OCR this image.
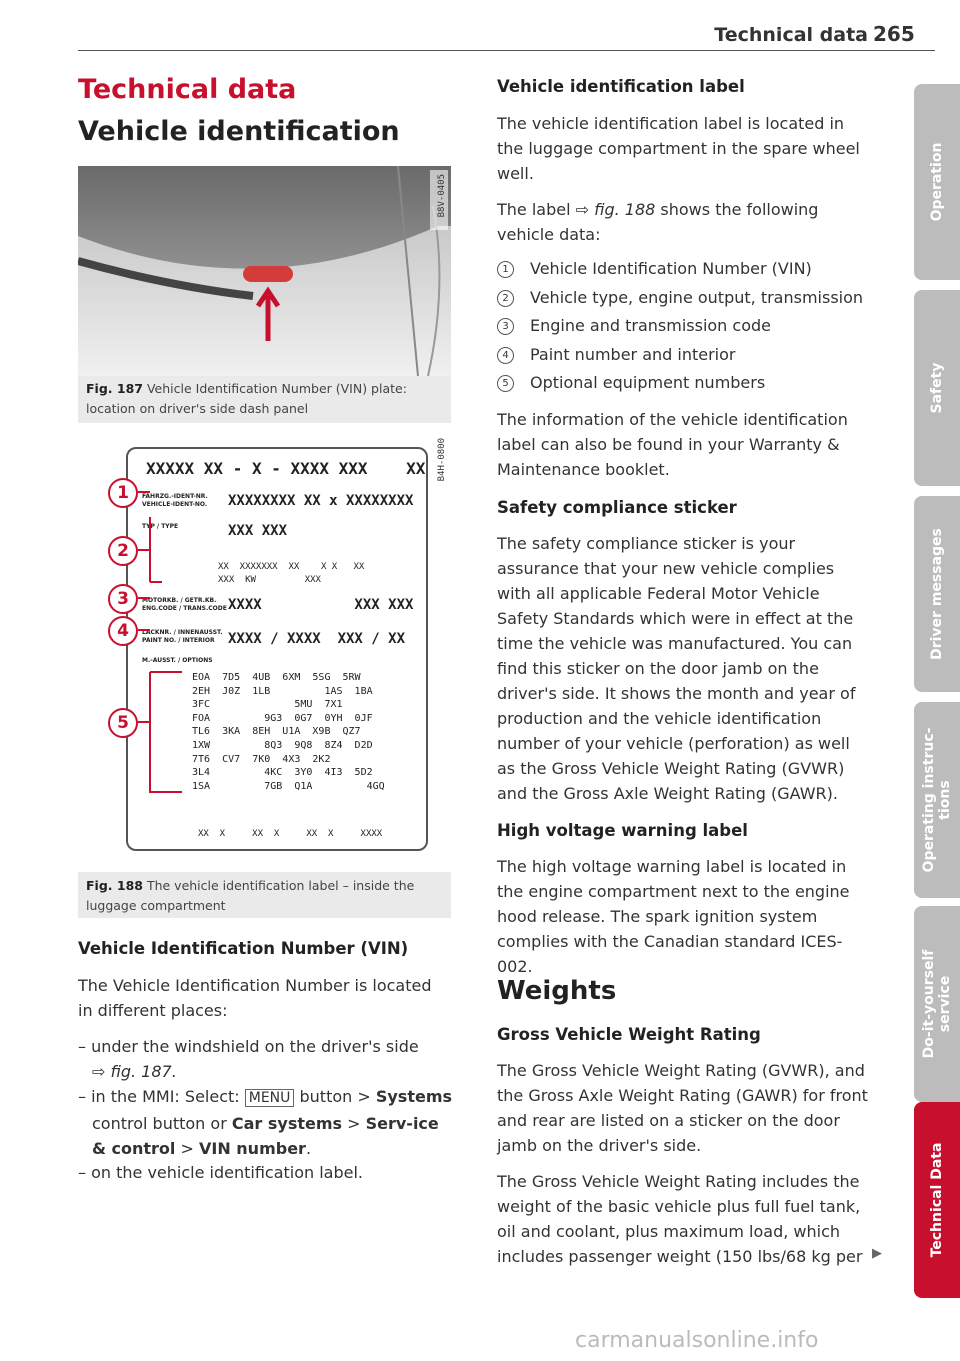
Technical data 265
Technical data
Vehicle identification
B8V-0405
Fig. 187 Vehicle Identification Number (VIN) plate: location on driver's side dash panel
XXXXX XX - X - XXXX XXX    XX
FAHRZG.-IDENT-NR.
VEHICLE-IDENT-NO. XXXXXXXX XX x XXXXXXXX
TYP / TYPE	XXX XXX
XX  XXXXXXX  XX    X X   XX
XXX  KW         XXX
MOTORKB. / GETR.KB.
ENG.CODE / TRANS.CODE XXXX           XXX XXX
LACKNR. / INNENAUSST.
PAINT NO. / INTERIOR XXXX / XXXX  XXX / XX
M.-AUSST. / OPTIONS
EOA  7D5  4UB  6XM  5SG  5RW
2EH  J0Z  1LB         1AS  1BA
3FC              5MU  7X1
FOA         9G3  0G7  0YH  0JF
TL6  3KA  8EH  U1A  X9B  QZ7
1XW         8Q3  9Q8  8Z4  D2D
7T6  CV7  7K0  4X3  2K2
3L4         4KC  3Y0  4I3  5D2
1SA         7GB  Q1A         4GQ
XX  X     XX  X     XX  X     XXXX
1
2
3
4
5
B4H-0800
Fig. 188 The vehicle identification label – inside the luggage compartment
Vehicle Identification Number (VIN)

The Vehicle Identification Number is located in different places:

– under the windshield on the driver's side

⇨ fig. 187.

– in the MMI: Select: MENU button > Systems control button or Car systems > Serv-ice & control > VIN number.

– on the vehicle identification label.

Vehicle identification label

The vehicle identification label is located in the luggage compartment in the spare wheel well.

The label ⇨ fig. 188 shows the following vehicle data:

1	Vehicle Identification Number (VIN)
2	Vehicle type, engine output, transmission
3	Engine and transmission code
4	Paint number and interior
5	Optional equipment numbers

The information of the vehicle identification label can also be found in your Warranty & Maintenance booklet.

Safety compliance sticker

The safety compliance sticker is your assurance that your new vehicle complies with all applicable Federal Motor Vehicle Safety Standards which were in effect at the time the vehicle was manufactured. You can find this sticker on the door jamb on the driver's side. It shows the month and year of production and the vehicle identification number of your vehicle (perforation) as well as the Gross Vehicle Weight Rating (GVWR) and the Gross Axle Weight Rating (GAWR).

High voltage warning label

The high voltage warning label is located in the engine compartment next to the engine hood release. The spark ignition system complies with the Canadian standard ICES-002.

Weights
Gross Vehicle Weight Rating

The Gross Vehicle Weight Rating (GVWR), and the Gross Axle Weight Rating (GAWR) for front and rear are listed on a sticker on the door jamb on the driver's side.

The Gross Vehicle Weight Rating includes the weight of the basic vehicle plus full fuel tank, oil and coolant, plus maximum load, which includes passenger weight (150 lbs/68 kg per ▶
Operation
Safety
Driver messages
Operating instruc-
tions
Do-it-yourself
service
Technical Data
carmanualsonline.info
